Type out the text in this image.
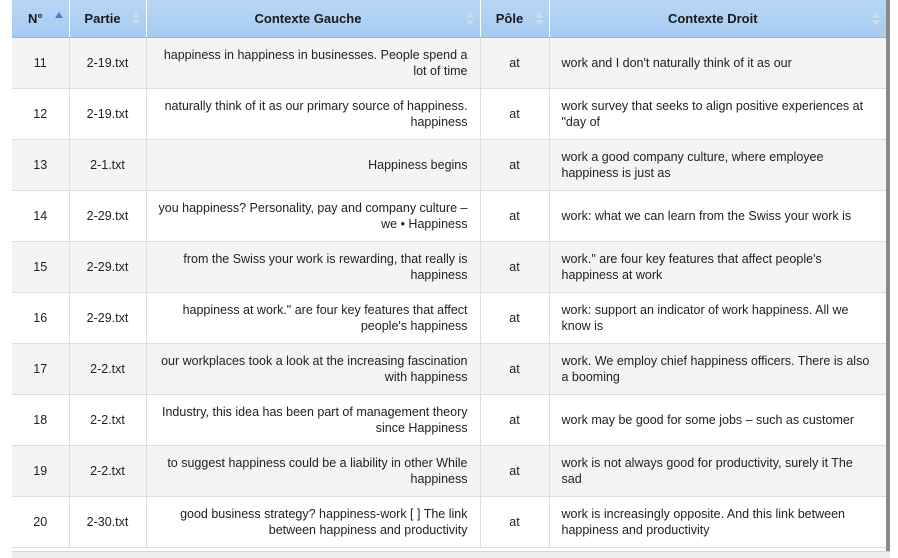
N°	Partie	Contexte Gauche	Pôle	Contexte Droit

11	2-19.txt	happiness in happiness in businesses. People spend a lot of time	at	work and I don't naturally think of it as our
12	2-19.txt	naturally think of it as our primary source of happiness. happiness	at	work survey that seeks to align positive experiences at "day of
13	2-1.txt	Happiness begins	at	work a good company culture, where employee happiness is just as
14	2-29.txt	you happiness? Personality, pay and company culture – we • Happiness	at	work: what we can learn from the Swiss your work is
15	2-29.txt	from the Swiss your work is rewarding, that really is happiness	at	work." are four key features that affect people's happiness at work
16	2-29.txt	happiness at work." are four key features that affect people's happiness	at	work: support an indicator of work happiness. All we know is
17	2-2.txt	our workplaces took a look at the increasing fascination with happiness	at	work. We employ chief happiness officers. There is also a booming
18	2-2.txt	Industry, this idea has been part of management theory since Happiness	at	work may be good for some jobs – such as customer
19	2-2.txt	to suggest happiness could be a liability in other While happiness	at	work is not always good for productivity, surely it The sad
20	2-30.txt	good business strategy? happiness-work [ ] The link between happiness and productivity	at	work is increasingly opposite. And this link between happiness and productivity
